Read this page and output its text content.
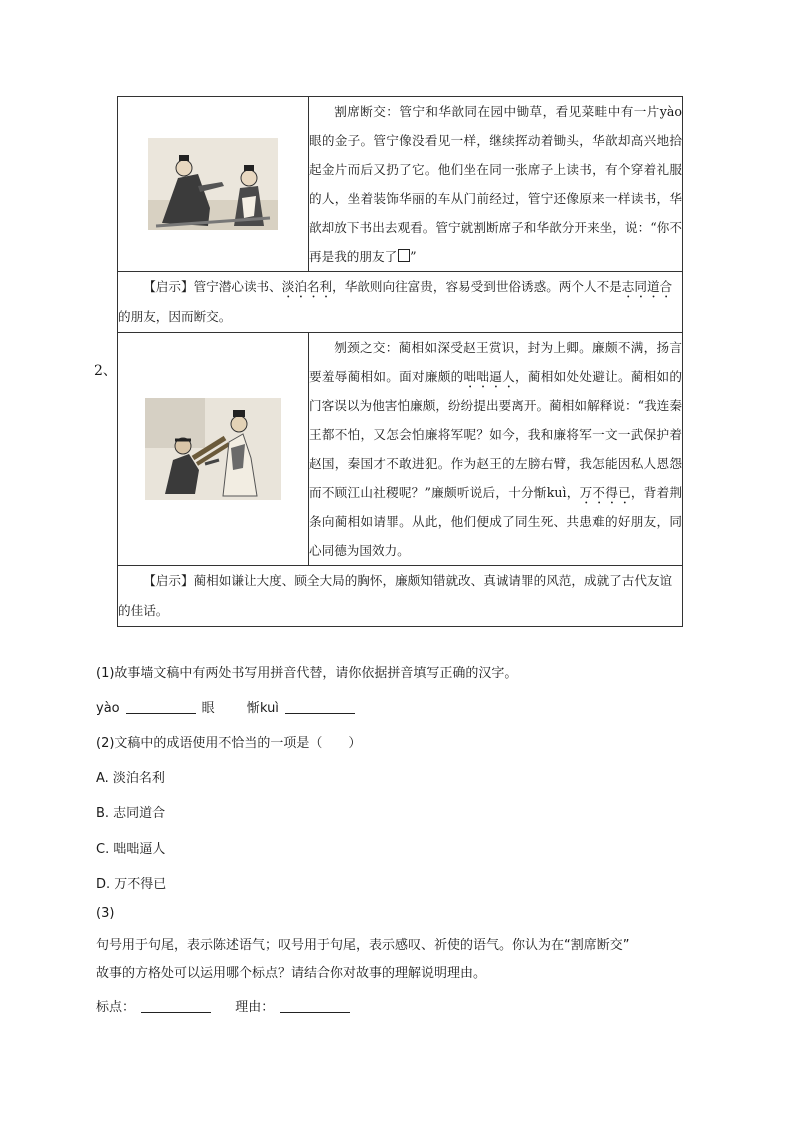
2、
	割席断交：管宁和华歆同在园中锄草，看见菜畦中有一片yào眼的金子。管宁像没看见一样，继续挥动着锄头，华歆却高兴地拾起金片而后又扔了它。他们坐在同一张席子上读书，有个穿着礼服的人，坐着装饰华丽的车从门前经过，管宁还像原来一样读书，华歆却放下书出去观看。管宁就割断席子和华歆分开来坐，说：“你不再是我的朋友了 ”
【启示】管宁潜心读书、淡泊名利，华歆则向往富贵，容易受到世俗诱惑。两个人不是志同道合的朋友，因而断交。	

	刎颈之交：蔺相如深受赵王赏识，封为上卿。廉颇不满，扬言要羞辱蔺相如。面对廉颇的咄咄逼人，蔺相如处处避让。蔺相如的门客误以为他害怕廉颇，纷纷提出要离开。蔺相如解释说：“我连秦王都不怕，又怎会怕廉将军呢？如今，我和廉将军一文一武保护着赵国，秦国才不敢进犯。作为赵王的左膀右臂，我怎能因私人恩怨而不顾江山社稷呢？”廉颇听说后，十分惭kuì，万不得已，背着荆条向蔺相如请罪。从此，他们便成了同生死、共患难的好朋友，同心同德为国效力。
【启示】蔺相如谦让大度、顾全大局的胸怀，廉颇知错就改、真诚请罪的风范，成就了古代友谊的佳话。	
(1)故事墙文稿中有两处书写用拼音代替，请你依据拼音填写正确的汉字。
yào	眼 惭kuì
(2)文稿中的成语使用不恰当的一项是（　　）
A. 淡泊名利
B. 志同道合
C. 咄咄逼人
D. 万不得已
(3)
句号用于句尾，表示陈述语气；叹号用于句尾，表示感叹、祈使的语气。你认为在“割席断交”
故事的方格处可以运用哪个标点？请结合你对故事的理解说明理由。
标点：	理由：
